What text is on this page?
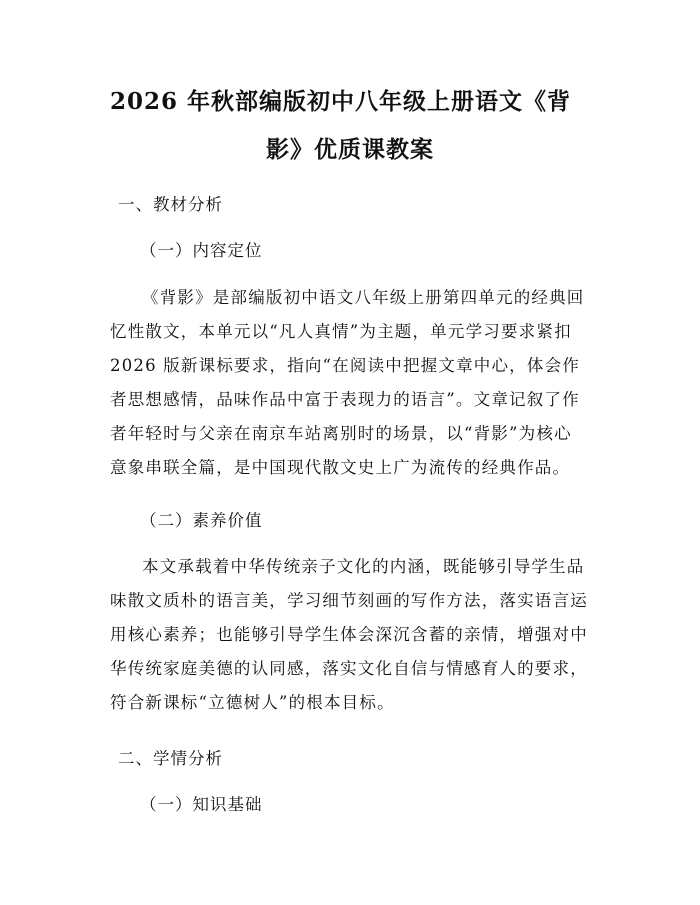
2026 年秋部编版初中八年级上册语文《背
影》优质课教案
一、教材分析
（一）内容定位
《背影》是部编版初中语文八年级上册第四单元的经典回
忆性散文，本单元以“凡人真情”为主题，单元学习要求紧扣
2026 版新课标要求，指向“在阅读中把握文章中心，体会作
者思想感情，品味作品中富于表现力的语言”。文章记叙了作
者年轻时与父亲在南京车站离别时的场景，以“背影”为核心
意象串联全篇，是中国现代散文史上广为流传的经典作品。
（二）素养价值
本文承载着中华传统亲子文化的内涵，既能够引导学生品
味散文质朴的语言美，学习细节刻画的写作方法，落实语言运
用核心素养；也能够引导学生体会深沉含蓄的亲情，增强对中
华传统家庭美德的认同感，落实文化自信与情感育人的要求，
符合新课标“立德树人”的根本目标。
二、学情分析
（一）知识基础
